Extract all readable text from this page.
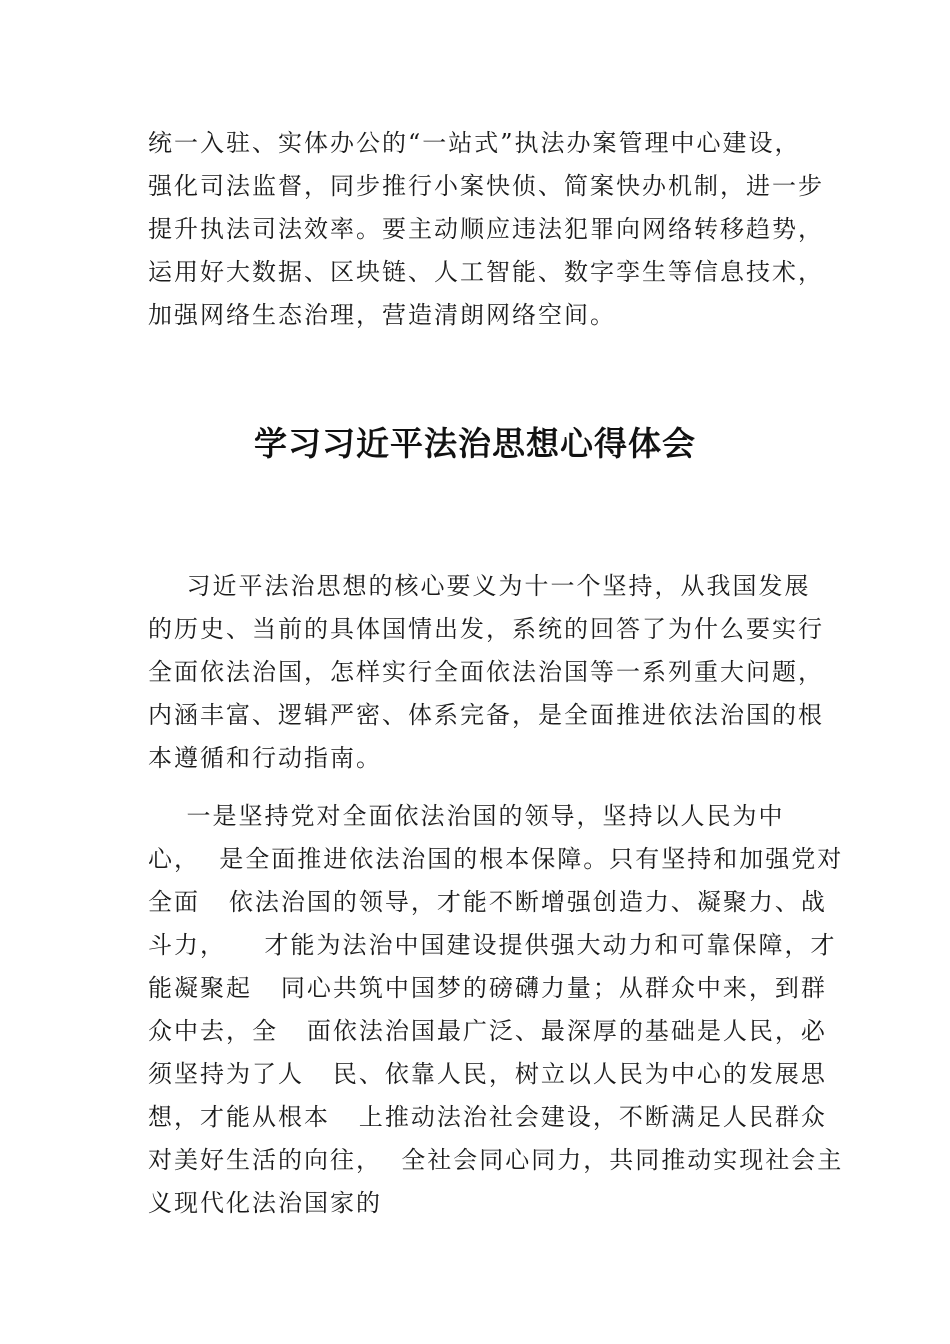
统一入驻、实体办公的“一站式”执法办案管理中心建设，
强化司法监督，同步推行小案快侦、简案快办机制，进一步
提升执法司法效率。要主动顺应违法犯罪向网络转移趋势，
运用好大数据、区块链、人工智能、数字孪生等信息技术，
加强网络生态治理，营造清朗网络空间。
学习习近平法治思想心得体会
习近平法治思想的核心要义为十一个坚持，从我国发展
的历史、当前的具体国情出发，系统的回答了为什么要实行
全面依法治国，怎样实行全面依法治国等一系列重大问题，
内涵丰富、逻辑严密、体系完备，是全面推进依法治国的根
本遵循和行动指南。
一是坚持党对全面依法治国的领导，坚持以人民为中
心，  是全面推进依法治国的根本保障。只有坚持和加强党对
全面   依法治国的领导，才能不断增强创造力、凝聚力、战
斗力，    才能为法治中国建设提供强大动力和可靠保障，才
能凝聚起   同心共筑中国梦的磅礴力量；从群众中来，到群
众中去，全   面依法治国最广泛、最深厚的基础是人民，必
须坚持为了人   民、依靠人民，树立以人民为中心的发展思
想，才能从根本   上推动法治社会建设，不断满足人民群众
对美好生活的向往，  全社会同心同力，共同推动实现社会主
义现代化法治国家的
